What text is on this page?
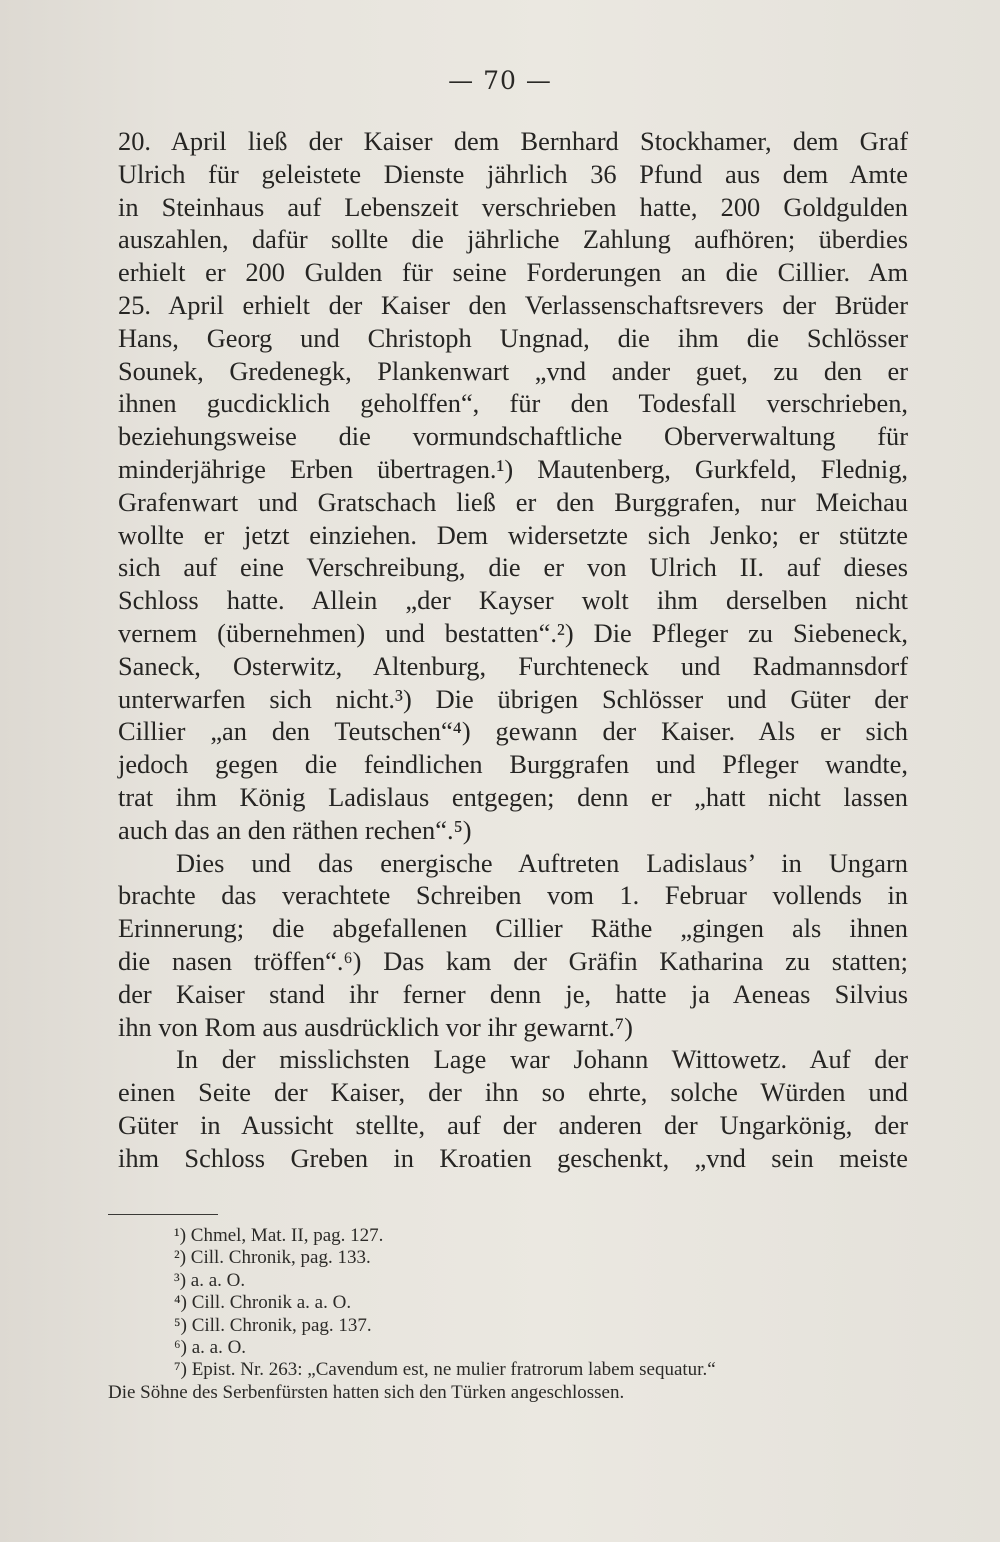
— 70 —
20. April ließ der Kaiser dem Bernhard Stockhamer, dem Graf
Ulrich für geleistete Dienste jährlich 36 Pfund aus dem Amte
in Steinhaus auf Lebenszeit verschrieben hatte, 200 Goldgulden
auszahlen, dafür sollte die jährliche Zahlung aufhören; überdies
erhielt er 200 Gulden für seine Forderungen an die Cillier. Am
25. April erhielt der Kaiser den Verlassenschaftsrevers der Brüder
Hans, Georg und Christoph Ungnad, die ihm die Schlösser
Sounek, Gredenegk, Plankenwart „vnd ander guet, zu den er
ihnen gucdicklich geholffen“, für den Todesfall verschrieben,
beziehungsweise die vormundschaftliche Oberverwaltung für
minderjährige Erben übertragen.¹) Mautenberg, Gurkfeld, Flednig,
Grafenwart und Gratschach ließ er den Burggrafen, nur Meichau
wollte er jetzt einziehen. Dem widersetzte sich Jenko; er stützte
sich auf eine Verschreibung, die er von Ulrich II. auf dieses
Schloss hatte. Allein „der Kayser wolt ihm derselben nicht
vernem (übernehmen) und bestatten“.²) Die Pfleger zu Siebeneck,
Saneck, Osterwitz, Altenburg, Furchteneck und Radmannsdorf
unterwarfen sich nicht.³) Die übrigen Schlösser und Güter der
Cillier „an den Teutschen“⁴) gewann der Kaiser. Als er sich
jedoch gegen die feindlichen Burggrafen und Pfleger wandte,
trat ihm König Ladislaus entgegen; denn er „hatt nicht lassen
auch das an den räthen rechen“.⁵)
Dies und das energische Auftreten Ladislaus’ in Ungarn
brachte das verachtete Schreiben vom 1. Februar vollends in
Erinnerung; die abgefallenen Cillier Räthe „gingen als ihnen
die nasen tröffen“.⁶) Das kam der Gräfin Katharina zu statten;
der Kaiser stand ihr ferner denn je, hatte ja Aeneas Silvius
ihn von Rom aus ausdrücklich vor ihr gewarnt.⁷)
In der misslichsten Lage war Johann Wittowetz. Auf der
einen Seite der Kaiser, der ihn so ehrte, solche Würden und
Güter in Aussicht stellte, auf der anderen der Ungarkönig, der
ihm Schloss Greben in Kroatien geschenkt, „vnd sein meiste
¹) Chmel, Mat. II, pag. 127.
²) Cill. Chronik, pag. 133.
³) a. a. O.
⁴) Cill. Chronik a. a. O.
⁵) Cill. Chronik, pag. 137.
⁶) a. a. O.
⁷) Epist. Nr. 263: „Cavendum est, ne mulier fratrorum labem sequatur.“
Die Söhne des Serbenfürsten hatten sich den Türken angeschlossen.
